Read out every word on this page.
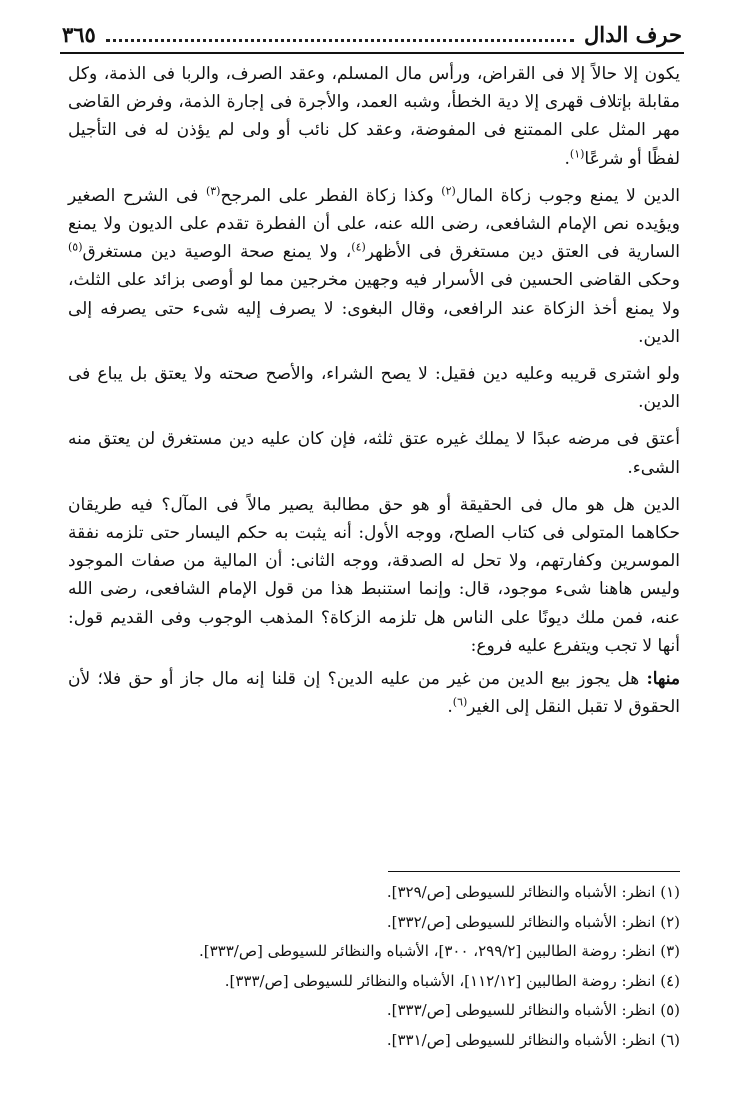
حرف الدال
٣٦٥

يكون إلا حالاً إلا فى القراض، ورأس مال المسلم، وعقد الصرف، والربا فى الذمة، وكل مقابلة بإتلاف قهرى إلا دية الخطأ، وشبه العمد، والأجرة فى إجارة الذمة، وفرض القاضى مهر المثل على الممتنع فى المفوضة، وعقد كل نائب أو ولى لم يؤذن له فى التأجيل لفظًا أو شرعًا$^{(١)}$.

الدين لا يمنع وجوب زكاة المال$^{(٢)}$ وكذا زكاة الفطر على المرجح$^{(٣)}$ فى الشرح الصغير ويؤيده نص الإمام الشافعى، رضى الله عنه، على أن الفطرة تقدم على الديون ولا يمنع السارية فى العتق دين مستغرق فى الأظهر$^{(٤)}$، ولا يمنع صحة الوصية دين مستغرق$^{(٥)}$ وحكى القاضى الحسين فى الأسرار فيه وجهين مخرجين مما لو أوصى بزائد على الثلث، ولا يمنع أخذ الزكاة عند الرافعى، وقال البغوى: لا يصرف إليه شىء حتى يصرفه إلى الدين.

ولو اشترى قريبه وعليه دين فقيل: لا يصح الشراء، والأصح صحته ولا يعتق بل يباع فى الدين.

أعتق فى مرضه عبدًا لا يملك غيره عتق ثلثه، فإن كان عليه دين مستغرق لن يعتق منه الشىء.

الدين هل هو مال فى الحقيقة أو هو حق مطالبة يصير مالاً فى المآل؟ فيه طريقان حكاهما المتولى فى كتاب الصلح، ووجه الأول: أنه يثبت به حكم اليسار حتى تلزمه نفقة الموسرين وكفارتهم، ولا تحل له الصدقة، ووجه الثانى: أن المالية من صفات الموجود وليس هاهنا شىء موجود، قال: وإنما استنبط هذا من قول الإمام الشافعى، رضى الله عنه، فمن ملك ديونًا على الناس هل تلزمه الزكاة؟ المذهب الوجوب وفى القديم قول: أنها لا تجب ويتفرع عليه فروع:

منها: هل يجوز بيع الدين من غير من عليه الدين؟ إن قلنا إنه مال جاز أو حق فلا؛ لأن الحقوق لا تقبل النقل إلى الغير$^{(٦)}$.

(١) انظر: الأشباه والنظائر للسيوطى [ص/٣٢٩].
(٢) انظر: الأشباه والنظائر للسيوطى [ص/٣٣٢].
(٣) انظر: روضة الطالبين [٢٩٩/٢، ٣٠٠]، الأشباه والنظائر للسيوطى [ص/٣٣٣].
(٤) انظر: روضة الطالبين [١١٢/١٢]، الأشباه والنظائر للسيوطى [ص/٣٣٣].
(٥) انظر: الأشباه والنظائر للسيوطى [ص/٣٣٣].
(٦) انظر: الأشباه والنظائر للسيوطى [ص/٣٣١].
